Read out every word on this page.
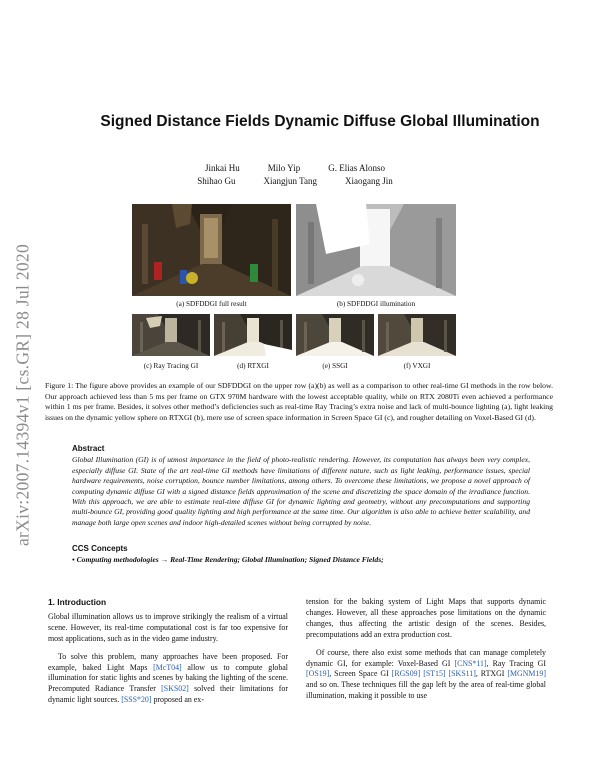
arXiv:2007.14394v1 [cs.GR] 28 Jul 2020
Signed Distance Fields Dynamic Diffuse Global Illumination
Jinkai Hu	Milo Yip	G. Elias Alonso
Shihao Gu	Xiangjun Tang	Xiaogang Jin
(a) SDFDDGI full result	(b) SDFDDGI illumination
(c) Ray Tracing GI	(d) RTXGI	(e) SSGI	(f) VXGI
Figure 1: The figure above provides an example of our SDFDDGI on the upper row (a)(b) as well as a comparison to other real-time GI methods in the row below. Our approach achieved less than 5 ms per frame on GTX 970M hardware with the lowest acceptable quality, while on RTX 2080Ti even achieved a performance within 1 ms per frame. Besides, it solves other method’s deficiencies such as real-time Ray Tracing’s extra noise and lack of multi-bounce lighting (a), light leaking issues on the dynamic yellow sphere on RTXGI (b), mere use of screen space information in Screen Space GI (c), and rougher detailing on Voxel-Based GI (d).
Abstract

Global Illumination (GI) is of utmost importance in the field of photo-realistic rendering. However, its computation has always been very complex, especially diffuse GI. State of the art real-time GI methods have limitations of different nature, such as light leaking, performance issues, special hardware requirements, noise corruption, bounce number limitations, among others. To overcome these limitations, we propose a novel approach of computing dynamic diffuse GI with a signed distance fields approximation of the scene and discretizing the space domain of the irradiance function. With this approach, we are able to estimate real-time diffuse GI for dynamic lighting and geometry, without any precomputations and supporting multi-bounce GI, providing good quality lighting and high performance at the same time. Our algorithm is also able to achieve better scalability, and manage both large open scenes and indoor high-detailed scenes without being corrupted by noise.

CCS Concepts

• Computing methodologies → Real-Time Rendering; Global Illumination; Signed Distance Fields;

1. Introduction

Global illumination allows us to improve strikingly the realism of a virtual scene. However, its real-time computational cost is far too expensive for most applications, such as in the video game industry.

To solve this problem, many approaches have been proposed. For example, baked Light Maps [McT04] allow us to compute global illumination for static lights and scenes by baking the lighting of the scene. Precomputed Radiance Transfer [SKS02] solved their limitations for dynamic light sources. [SSS*20] proposed an ex-

tension for the baking system of Light Maps that supports dynamic changes. However, all these approaches pose limitations on the dynamic changes, thus affecting the artistic design of the scenes. Besides, precomputations add an extra production cost.

Of course, there also exist some methods that can manage completely dynamic GI, for example: Voxel-Based GI [CNS*11], Ray Tracing GI [OS19], Screen Space GI [RGS09] [ST15] [SKS11], RTXGI [MGNM19] and so on. These techniques fill the gap left by the area of real-time global illumination, making it possible to use
